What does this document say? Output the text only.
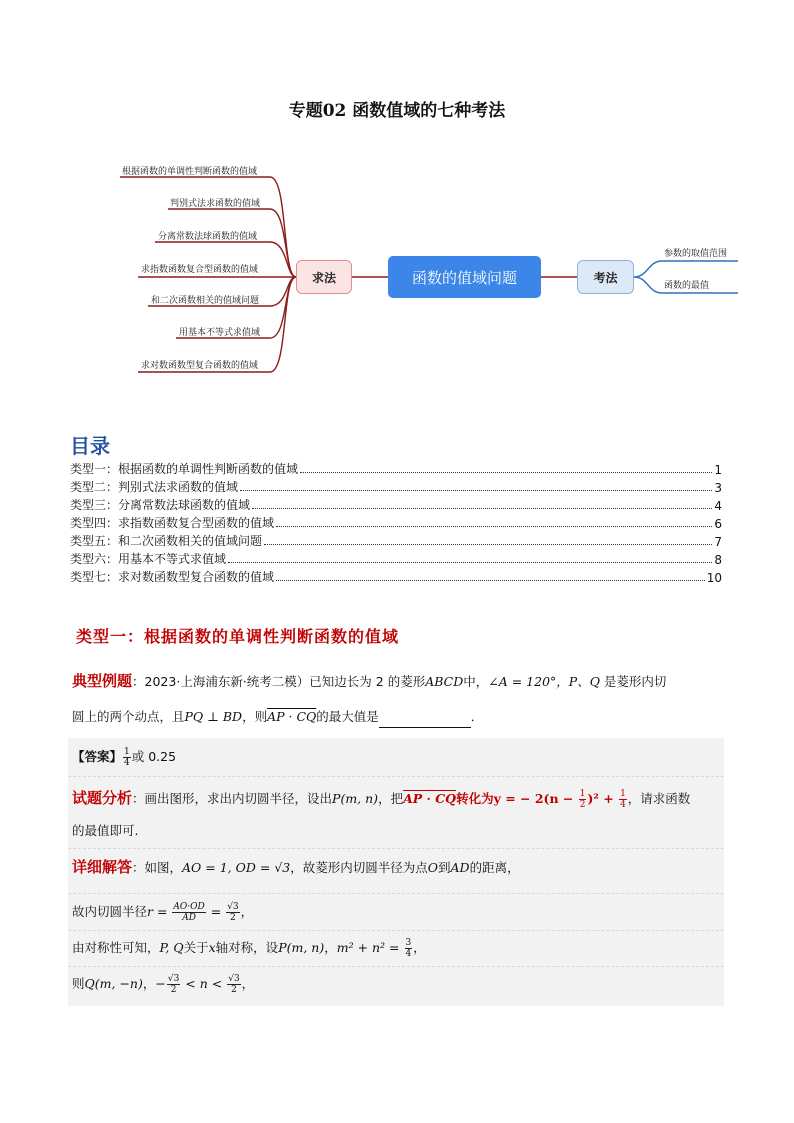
专题02 函数值域的七种考法
根据函数的单调性判断函数的值域
判别式法求函数的值域
分离常数法球函数的值域
求指数函数复合型函数的值域
和二次函数相关的值域问题
用基本不等式求值域
求对数函数型复合函数的值域
求法	函数的值域问题	考法
参数的取值范围
函数的最值
目录
类型一：根据函数的单调性判断函数的值域	1
类型二：判别式法求函数的值域	3
类型三：分离常数法球函数的值域	4
类型四：求指数函数复合型函数的值域	6
类型五：和二次函数相关的值域问题	7
类型六：用基本不等式求值域	8
类型七：求对数函数型复合函数的值域	10
类型一：根据函数的单调性判断函数的值域
典型例题：2023·上海浦东新·统考二模）已知边长为 2 的菱形ABCD中，∠A = 120°，P、Q 是菱形内切
圆上的两个动点，且PQ ⊥ BD，则AP · CQ的最大值是	．
【答案】 $\frac{1}{4}$ 或 0.25
试题分析：画出图形，求出内切圆半径，设出P(m, n)，把AP · CQ转化为y = − $2(n - \frac{1}{2} )^2 + \frac{1}{4}$ ，请求函数
的最值即可.
详细解答：如图，AO = 1, OD = √3，故菱形内切圆半径为点O到AD的距离，
故内切圆半径$r = \frac{AO\cdot OD}{AD} = \frac{√3}{2}$ ，
由对称性可知，P, Q关于x轴对称，设P(m, n)，$m^2 + n^2 = \frac{3}{4}$ ，
则Q(m, −n)，− $\frac{√3}{2} < n < \frac{√3}{2}$ ，
